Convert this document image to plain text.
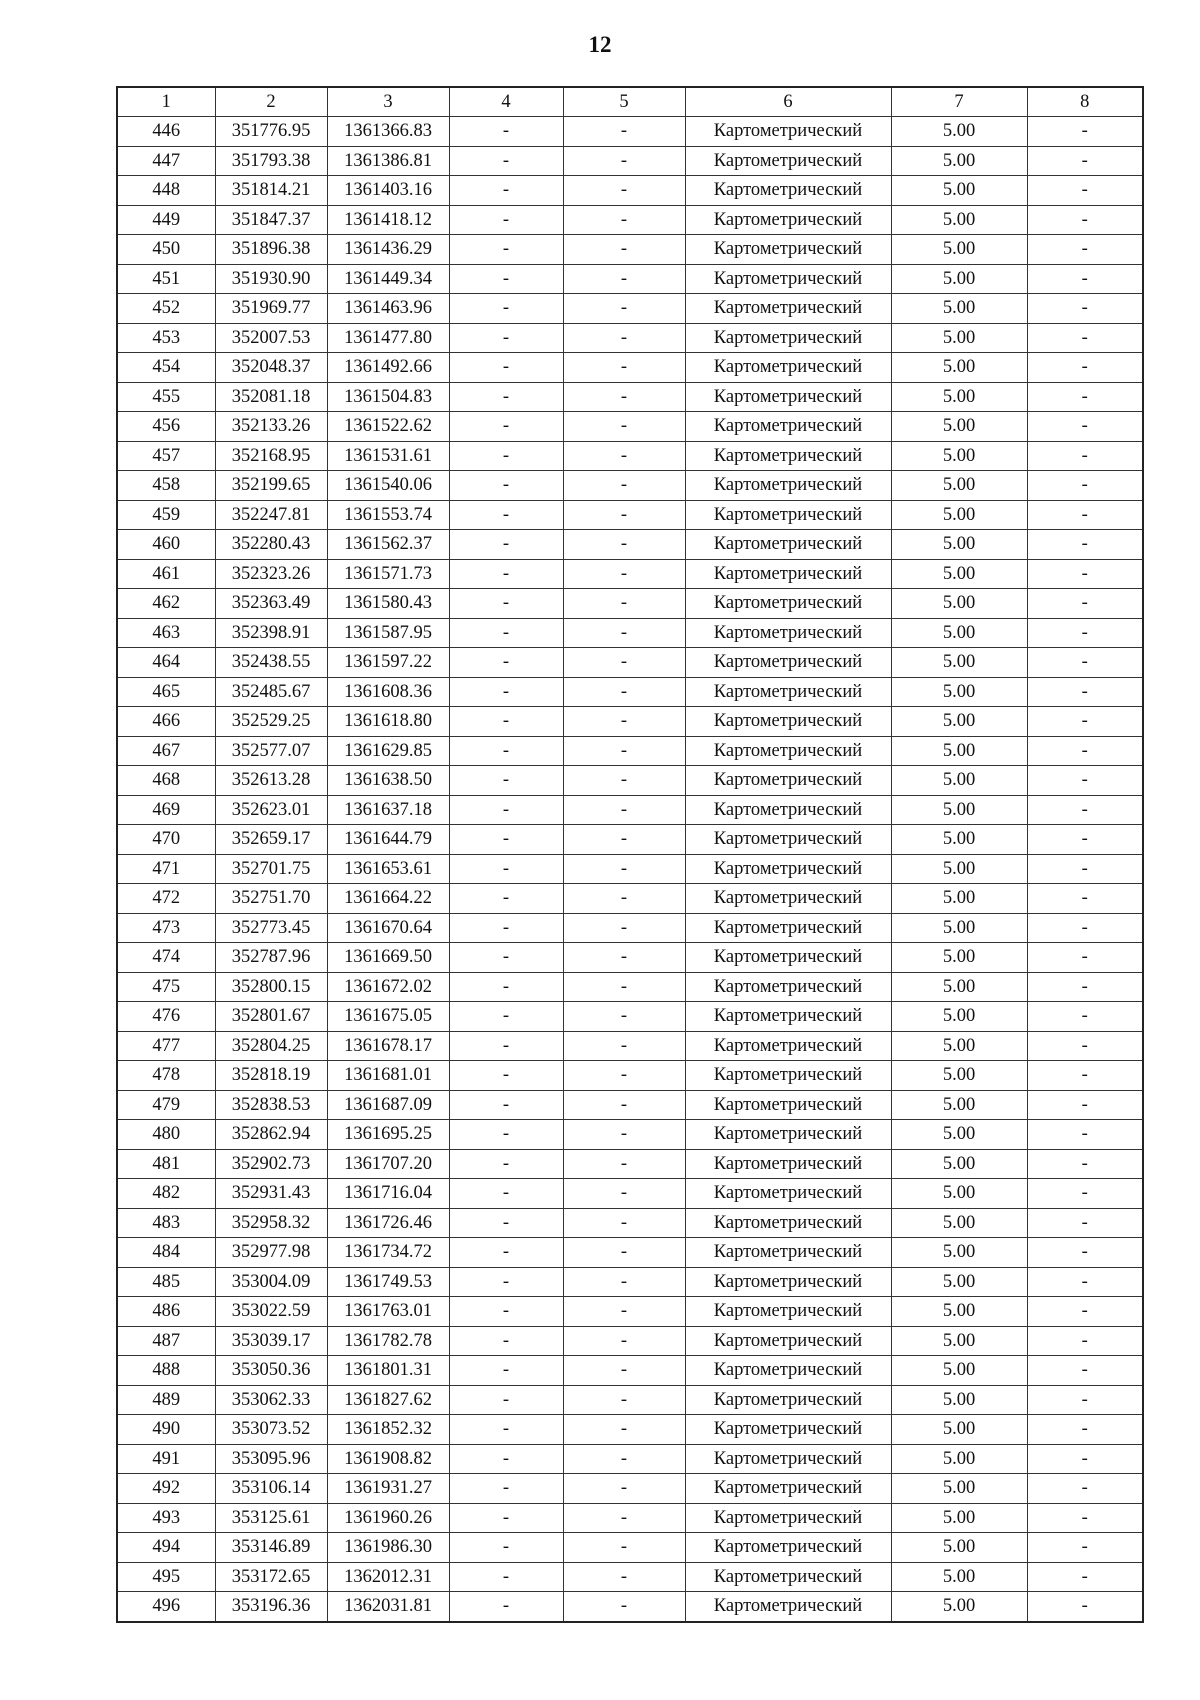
12
1	2	3	4	5	6	7	8
446	351776.95	1361366.83	-	-	Картометрический	5.00	-
447	351793.38	1361386.81	-	-	Картометрический	5.00	-
448	351814.21	1361403.16	-	-	Картометрический	5.00	-
449	351847.37	1361418.12	-	-	Картометрический	5.00	-
450	351896.38	1361436.29	-	-	Картометрический	5.00	-
451	351930.90	1361449.34	-	-	Картометрический	5.00	-
452	351969.77	1361463.96	-	-	Картометрический	5.00	-
453	352007.53	1361477.80	-	-	Картометрический	5.00	-
454	352048.37	1361492.66	-	-	Картометрический	5.00	-
455	352081.18	1361504.83	-	-	Картометрический	5.00	-
456	352133.26	1361522.62	-	-	Картометрический	5.00	-
457	352168.95	1361531.61	-	-	Картометрический	5.00	-
458	352199.65	1361540.06	-	-	Картометрический	5.00	-
459	352247.81	1361553.74	-	-	Картометрический	5.00	-
460	352280.43	1361562.37	-	-	Картометрический	5.00	-
461	352323.26	1361571.73	-	-	Картометрический	5.00	-
462	352363.49	1361580.43	-	-	Картометрический	5.00	-
463	352398.91	1361587.95	-	-	Картометрический	5.00	-
464	352438.55	1361597.22	-	-	Картометрический	5.00	-
465	352485.67	1361608.36	-	-	Картометрический	5.00	-
466	352529.25	1361618.80	-	-	Картометрический	5.00	-
467	352577.07	1361629.85	-	-	Картометрический	5.00	-
468	352613.28	1361638.50	-	-	Картометрический	5.00	-
469	352623.01	1361637.18	-	-	Картометрический	5.00	-
470	352659.17	1361644.79	-	-	Картометрический	5.00	-
471	352701.75	1361653.61	-	-	Картометрический	5.00	-
472	352751.70	1361664.22	-	-	Картометрический	5.00	-
473	352773.45	1361670.64	-	-	Картометрический	5.00	-
474	352787.96	1361669.50	-	-	Картометрический	5.00	-
475	352800.15	1361672.02	-	-	Картометрический	5.00	-
476	352801.67	1361675.05	-	-	Картометрический	5.00	-
477	352804.25	1361678.17	-	-	Картометрический	5.00	-
478	352818.19	1361681.01	-	-	Картометрический	5.00	-
479	352838.53	1361687.09	-	-	Картометрический	5.00	-
480	352862.94	1361695.25	-	-	Картометрический	5.00	-
481	352902.73	1361707.20	-	-	Картометрический	5.00	-
482	352931.43	1361716.04	-	-	Картометрический	5.00	-
483	352958.32	1361726.46	-	-	Картометрический	5.00	-
484	352977.98	1361734.72	-	-	Картометрический	5.00	-
485	353004.09	1361749.53	-	-	Картометрический	5.00	-
486	353022.59	1361763.01	-	-	Картометрический	5.00	-
487	353039.17	1361782.78	-	-	Картометрический	5.00	-
488	353050.36	1361801.31	-	-	Картометрический	5.00	-
489	353062.33	1361827.62	-	-	Картометрический	5.00	-
490	353073.52	1361852.32	-	-	Картометрический	5.00	-
491	353095.96	1361908.82	-	-	Картометрический	5.00	-
492	353106.14	1361931.27	-	-	Картометрический	5.00	-
493	353125.61	1361960.26	-	-	Картометрический	5.00	-
494	353146.89	1361986.30	-	-	Картометрический	5.00	-
495	353172.65	1362012.31	-	-	Картометрический	5.00	-
496	353196.36	1362031.81	-	-	Картометрический	5.00	-
